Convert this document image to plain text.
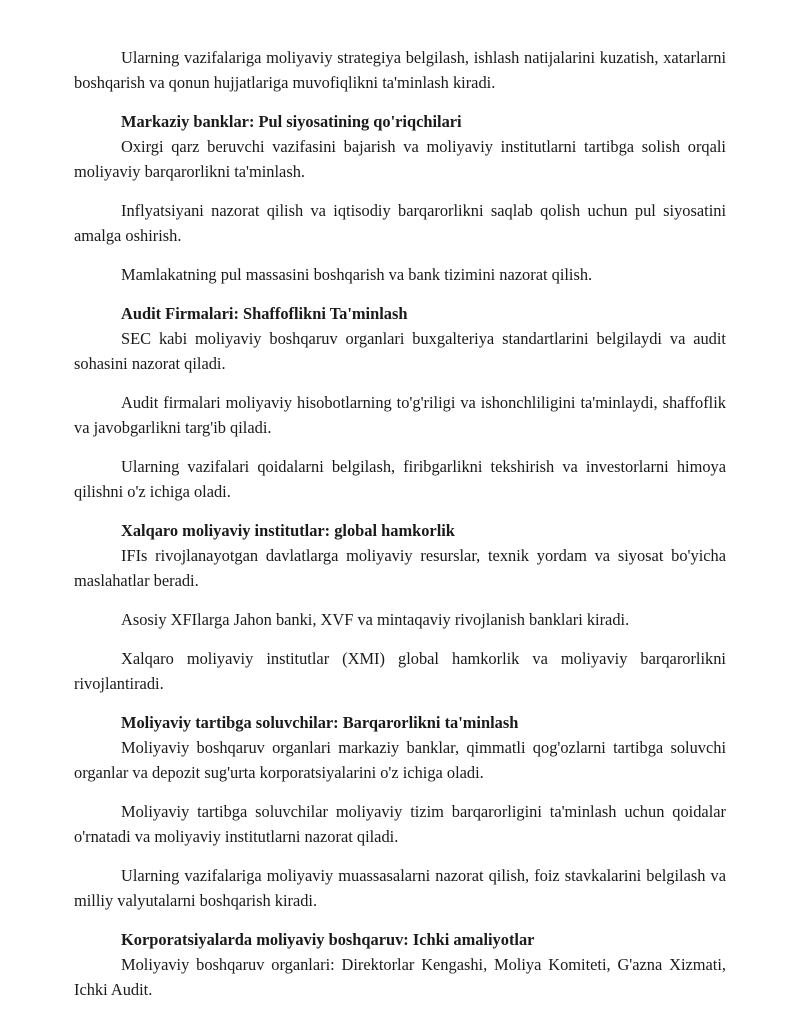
Ularning vazifalariga moliyaviy strategiya belgilash, ishlash natijalarini kuzatish, xatarlarni boshqarish va qonun hujjatlariga muvofiqlikni ta'minlash kiradi.

Markaziy banklar: Pul siyosatining qo'riqchilari

Oxirgi qarz beruvchi vazifasini bajarish va moliyaviy institutlarni tartibga solish orqali moliyaviy barqarorlikni ta'minlash.

Inflyatsiyani nazorat qilish va iqtisodiy barqarorlikni saqlab qolish uchun pul siyosatini amalga oshirish.

Mamlakatning pul massasini boshqarish va bank tizimini nazorat qilish.

Audit Firmalari: Shaffoflikni Ta'minlash

SEC kabi moliyaviy boshqaruv organlari buxgalteriya standartlarini belgilaydi va audit sohasini nazorat qiladi.

Audit firmalari moliyaviy hisobotlarning to'g'riligi va ishonchliligini ta'minlaydi, shaffoflik va javobgarlikni targ'ib qiladi.

Ularning vazifalari qoidalarni belgilash, firibgarlikni tekshirish va investorlarni himoya qilishni o'z ichiga oladi.

Xalqaro moliyaviy institutlar: global hamkorlik

IFIs rivojlanayotgan davlatlarga moliyaviy resurslar, texnik yordam va siyosat bo'yicha maslahatlar beradi.

Asosiy XFIlarga Jahon banki, XVF va mintaqaviy rivojlanish banklari kiradi.

Xalqaro moliyaviy institutlar (XMI) global hamkorlik va moliyaviy barqarorlikni rivojlantiradi.

Moliyaviy tartibga soluvchilar: Barqarorlikni ta'minlash

Moliyaviy boshqaruv organlari markaziy banklar, qimmatli qog'ozlarni tartibga soluvchi organlar va depozit sug'urta korporatsiyalarini o'z ichiga oladi.

Moliyaviy tartibga soluvchilar moliyaviy tizim barqarorligini ta'minlash uchun qoidalar o'rnatadi va moliyaviy institutlarni nazorat qiladi.

Ularning vazifalariga moliyaviy muassasalarni nazorat qilish, foiz stavkalarini belgilash va milliy valyutalarni boshqarish kiradi.

Korporatsiyalarda moliyaviy boshqaruv: Ichki amaliyotlar

Moliyaviy boshqaruv organlari: Direktorlar Kengashi, Moliya Komiteti, G'azna Xizmati, Ichki Audit.
